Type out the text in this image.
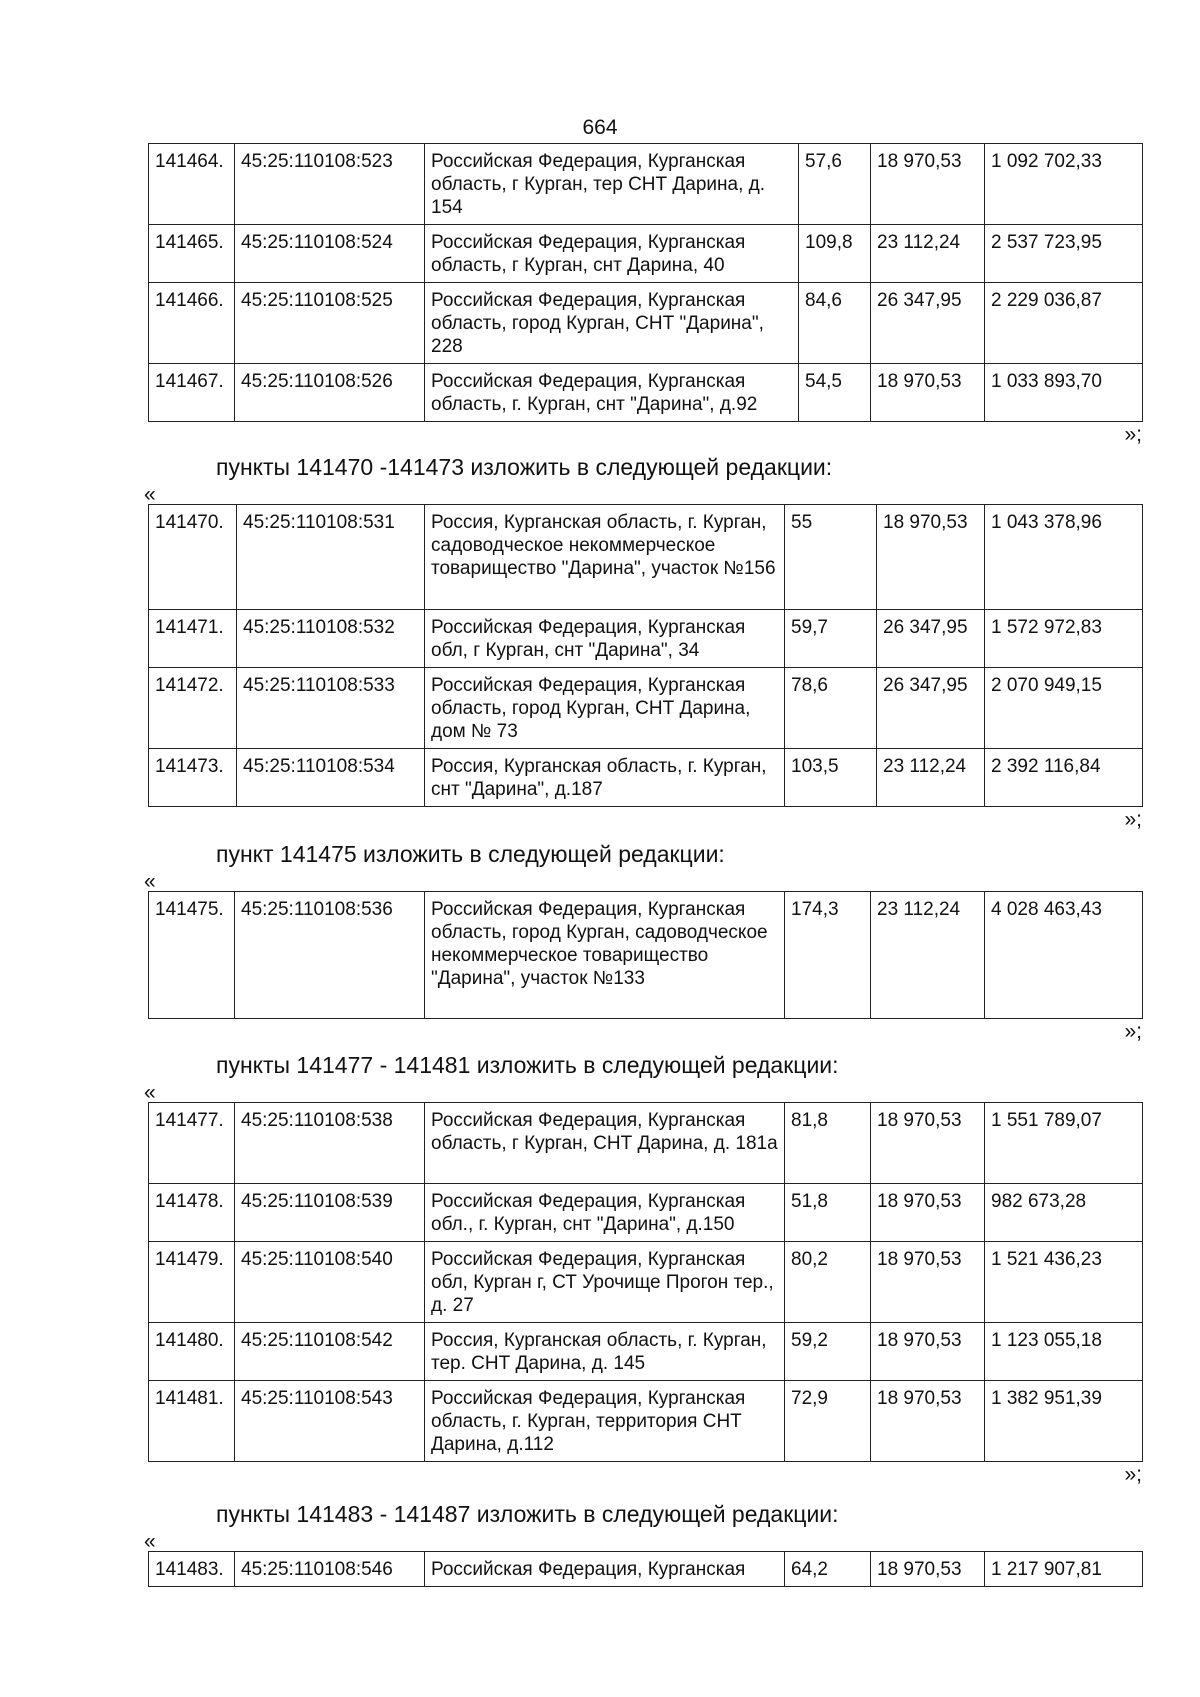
664
141464.	45:25:110108:523	Российская Федерация, Курганская область, г Курган, тер СНТ Дарина, д. 154	57,6	18 970,53	1 092 702,33
141465.	45:25:110108:524	Российская Федерация, Курганская область, г Курган, снт Дарина, 40	109,8	23 112,24	2 537 723,95
141466.	45:25:110108:525	Российская Федерация, Курганская область, город Курган, СНТ "Дарина", 228	84,6	26 347,95	2 229 036,87
141467.	45:25:110108:526	Российская Федерация, Курганская область, г. Курган, снт "Дарина", д.92	54,5	18 970,53	1 033 893,70
»;
пункты 141470 -141473 изложить в следующей редакции:
«
141470.	45:25:110108:531	Россия, Курганская область, г. Курган, садоводческое некоммерческое товарищество "Дарина", участок №156	55	18 970,53	1 043 378,96
141471.	45:25:110108:532	Российская Федерация, Курганская обл, г Курган, снт "Дарина", 34	59,7	26 347,95	1 572 972,83
141472.	45:25:110108:533	Российская Федерация, Курганская область, город Курган, СНТ Дарина, дом № 73	78,6	26 347,95	2 070 949,15
141473.	45:25:110108:534	Россия, Курганская область, г. Курган, снт "Дарина", д.187	103,5	23 112,24	2 392 116,84
»;
пункт 141475 изложить в следующей редакции:
«
141475.	45:25:110108:536	Российская Федерация, Курганская область, город Курган, садоводческое некоммерческое товарищество "Дарина", участок №133	174,3	23 112,24	4 028 463,43
»;
пункты 141477 - 141481 изложить в следующей редакции:
«
141477.	45:25:110108:538	Российская Федерация, Курганская область, г Курган, СНТ Дарина, д. 181а	81,8	18 970,53	1 551 789,07
141478.	45:25:110108:539	Российская Федерация, Курганская обл., г. Курган, снт "Дарина", д.150	51,8	18 970,53	982 673,28
141479.	45:25:110108:540	Российская Федерация, Курганская обл, Курган г, СТ Урочище Прогон тер., д. 27	80,2	18 970,53	1 521 436,23
141480.	45:25:110108:542	Россия, Курганская область, г. Курган, тер. СНТ Дарина, д. 145	59,2	18 970,53	1 123 055,18
141481.	45:25:110108:543	Российская Федерация, Курганская область, г. Курган, территория СНТ Дарина, д.112	72,9	18 970,53	1 382 951,39
»;
пункты 141483 - 141487 изложить в следующей редакции:
«
141483.	45:25:110108:546	Российская Федерация, Курганская	64,2	18 970,53	1 217 907,81
